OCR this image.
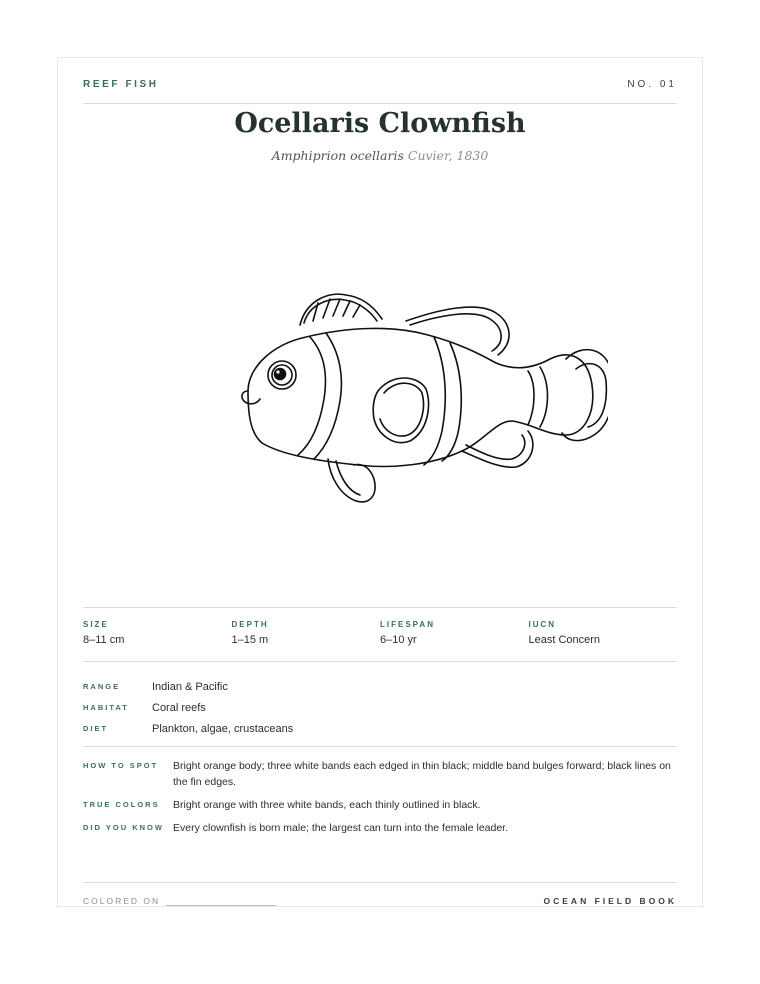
REEF FISH	NO. 01
Ocellaris Clownfish
Amphiprion ocellaris Cuvier, 1830
SIZE
8–11 cm
DEPTH
1–15 m
LIFESPAN
6–10 yr
IUCN
Least Concern
RANGE	Indian & Pacific
HABITAT	Coral reefs
DIET	Plankton, algae, crustaceans
HOW TO SPOT	Bright orange body; three white bands each edged in thin black; middle band bulges forward; black lines on the fin edges.
TRUE COLORS	Bright orange with three white bands, each thinly outlined in black.
DID YOU KNOW Every clownfish is born male; the largest can turn into the female leader.
COLORED ON	OCEAN FIELD BOOK
